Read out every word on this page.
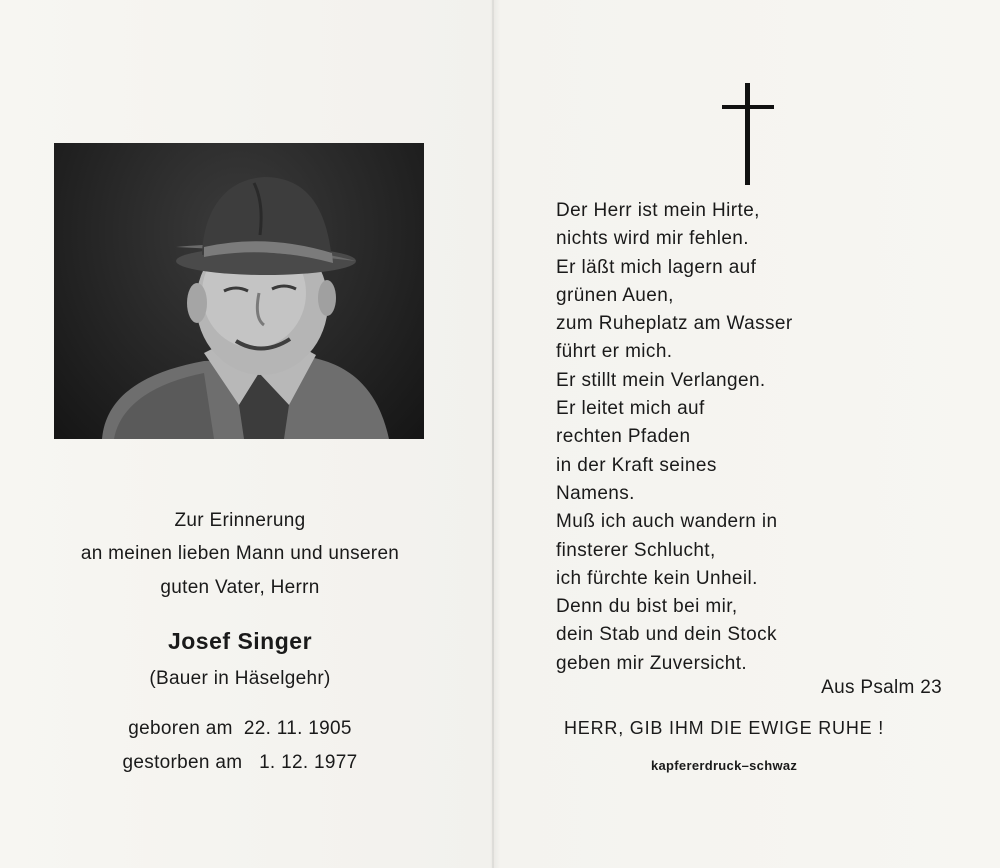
Zur Erinnerung
an meinen lieben Mann und unseren
guten Vater, Herrn
Josef Singer
(Bauer in Häselgehr)
geboren am  22. 11. 1905
gestorben am   1. 12. 1977
Der Herr ist mein Hirte,
nichts wird mir fehlen.
Er läßt mich lagern auf
grünen Auen,
zum Ruheplatz am Wasser
führt er mich.
Er stillt mein Verlangen.
Er leitet mich auf
rechten Pfaden
in der Kraft seines
Namens.
Muß ich auch wandern in
finsterer Schlucht,
ich fürchte kein Unheil.
Denn du bist bei mir,
dein Stab und dein Stock
geben mir Zuversicht.
Aus Psalm 23
HERR, GIB IHM DIE EWIGE RUHE !
kapfererdruck–schwaz
